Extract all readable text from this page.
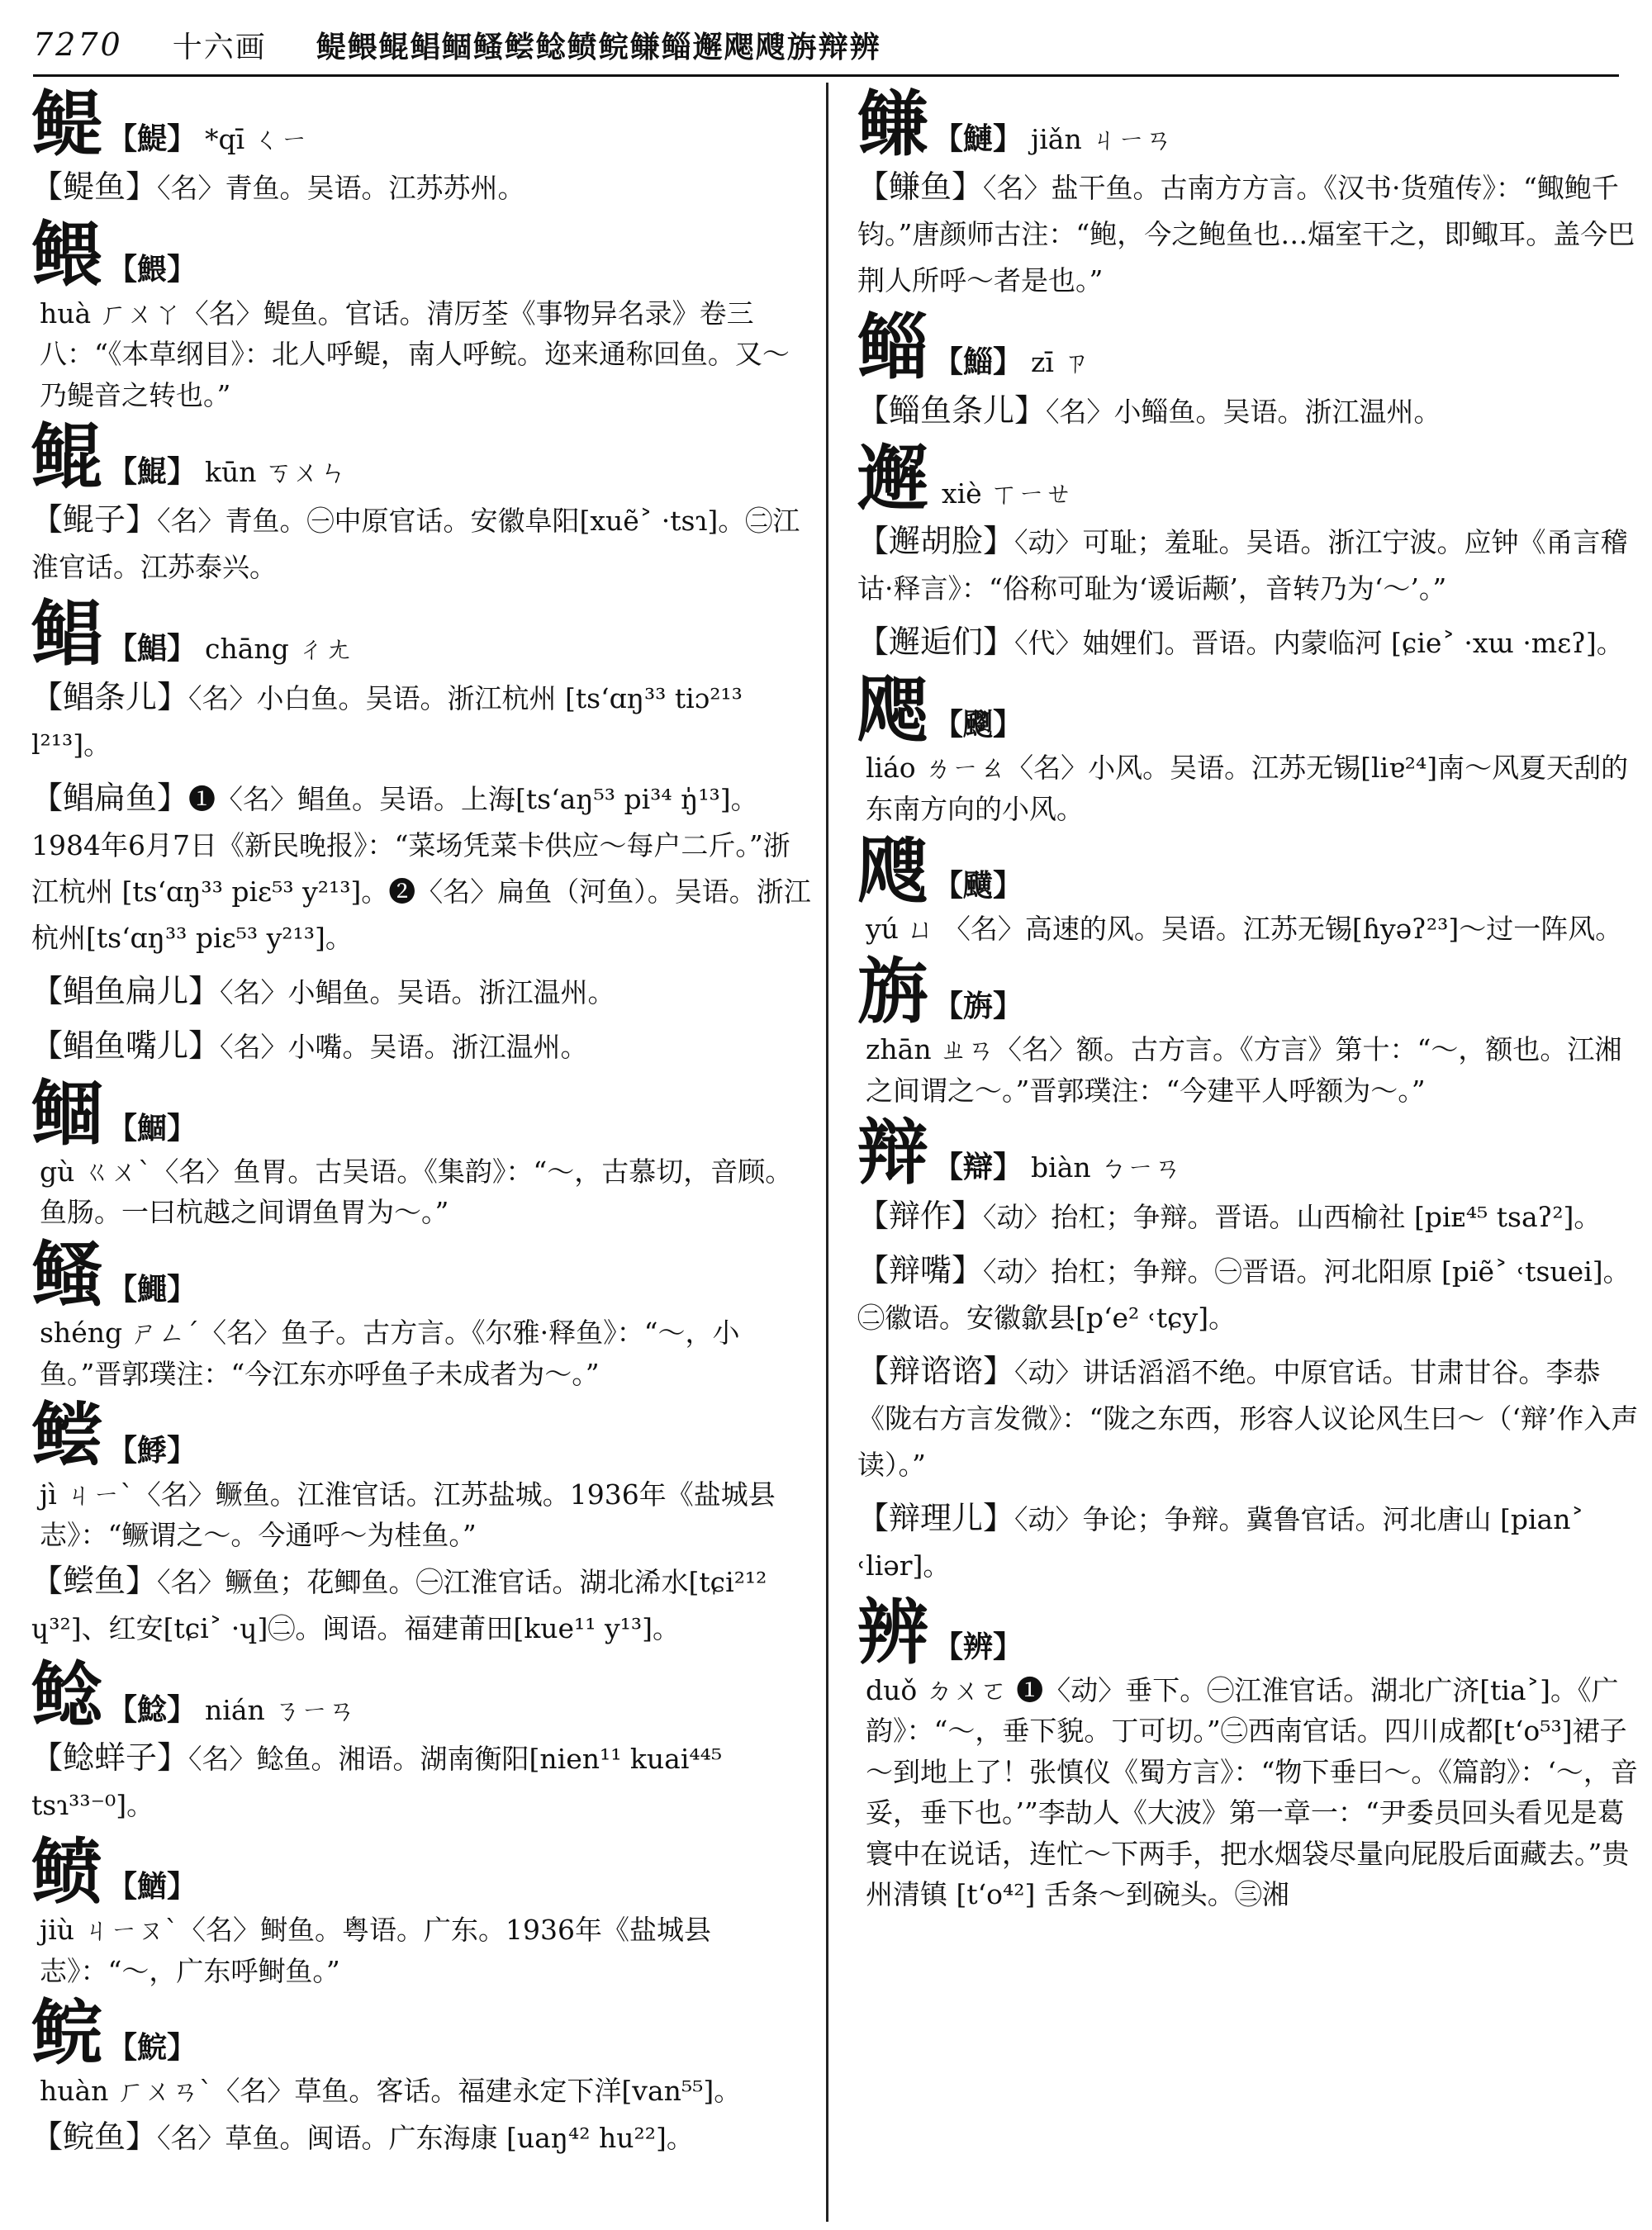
7270 十六画 鳀鳂鲲鲳鲴鳋鲿鲶鲼鲩鳒鲻邂飔飕旃辩辨
鳀 【鯷】 *qī ㄑㄧ
【鳀鱼】〈名〉青鱼。吴语。江苏苏州。
鳂 【鰃】
huà ㄏㄨㄚ〈名〉鳀鱼。官话。清厉荃《事物异名录》卷三八：“《本草纲目》：北人呼鳀，南人呼鲩。迩来通称回鱼。又～乃鳀音之转也。”
鲲 【鯤】 kūn ㄎㄨㄣ
【鲲子】〈名〉青鱼。㊀中原官话。安徽阜阳[xuẽ˃ ·tsɿ]。㊁江淮官话。江苏泰兴。
鲳 【鯧】 chāng ㄔㄤ
【鲳条儿】〈名〉小白鱼。吴语。浙江杭州 [ts‘ɑŋ³³ tiɔ²¹³ l²¹³]。
【鲳扁鱼】❶〈名〉鲳鱼。吴语。上海[ts‘aŋ⁵³ pi³⁴ ŋ̍¹³]。1984年6月7日《新民晚报》：“菜场凭菜卡供应～每户二斤。”浙江杭州 [ts‘ɑŋ³³ piɛ⁵³ y²¹³]。❷〈名〉扁鱼（河鱼）。吴语。浙江杭州[ts‘ɑŋ³³ piɛ⁵³ y²¹³]。
【鲳鱼扁儿】〈名〉小鲳鱼。吴语。浙江温州。
【鲳鱼嘴儿】〈名〉小嘴。吴语。浙江温州。
鲴 【鯝】
gù ㄍㄨˋ〈名〉鱼胃。古吴语。《集韵》：“～，古慕切，音顾。鱼肠。一曰杭越之间谓鱼胃为～。”
鳋 【鱦】
shéng ㄕㄥˊ〈名〉鱼子。古方言。《尔雅·释鱼》：“～，小鱼。”晋郭璞注：“今江东亦呼鱼子未成者为～。”
鲿 【鯚】
jì ㄐㄧˋ〈名〉鳜鱼。江淮官话。江苏盐城。1936年《盐城县志》：“鳜谓之～。今通呼～为桂鱼。”
【鲿鱼】〈名〉鳜鱼；花鲫鱼。㊀江淮官话。湖北浠水[tɕi²¹² ɥ³²]、红安[tɕi˃ ·ɥ]㊁。闽语。福建莆田[kue¹¹ y¹³]。
鲶 【鯰】 nián ㄋㄧㄢ
【鲶蛘子】〈名〉鲶鱼。湘语。湖南衡阳[nien¹¹ kuai⁴⁴⁵ tsɿ³³⁻⁰]。
鲼 【鰌】
jiù ㄐㄧㄡˋ〈名〉鲥鱼。粤语。广东。1936年《盐城县志》：“～，广东呼鲥鱼。”
鲩 【鯇】
huàn ㄏㄨㄢˋ〈名〉草鱼。客话。福建永定下洋[van⁵⁵]。
【鲩鱼】〈名〉草鱼。闽语。广东海康 [uaŋ⁴² hu²²]。
鳒 【鰱】 jiǎn ㄐㄧㄢ
【鳒鱼】〈名〉盐干鱼。古南方方言。《汉书·货殖传》：“鲰鲍千钧。”唐颜师古注：“鲍，今之鲍鱼也…煏室干之，即鲰耳。盖今巴荆人所呼～者是也。”
鲻 【鯔】 zī ㄗ
【鲻鱼条儿】〈名〉小鲻鱼。吴语。浙江温州。
邂 xiè ㄒㄧㄝ
【邂胡脸】〈动〉可耻；羞耻。吴语。浙江宁波。应钟《甬言稽诂·释言》：“俗称可耻为‘谖诟颟’，音转乃为‘～’。”
【邂逅们】〈代〉妯娌们。晋语。内蒙临河 [ɕie˃ ·xɯ ·mɛʔ]。
飔 【䬟】
liáo ㄌㄧㄠ〈名〉小风。吴语。江苏无锡[liɐ²⁴]南～风夏天刮的东南方向的小风。
飕 【䬝】
yú ㄩ 〈名〉高速的风。吴语。江苏无锡[ɦyəʔ²³]～过一阵风。
旃 【旃】
zhān ㄓㄢ〈名〉额。古方言。《方言》第十：“～，额也。江湘之间谓之～。”晋郭璞注：“今建平人呼额为～。”
辩 【辯】 biàn ㄅㄧㄢ
【辩作】〈动〉抬杠；争辩。晋语。山西榆社 [piᴇ⁴⁵ tsaʔ²]。
【辩嘴】〈动〉抬杠；争辩。㊀晋语。河北阳原 [piẽ˃ ˓tsuei]。㊁徽语。安徽歙县[p‘e² ˓tɕy]。
【辩谘谘】〈动〉讲话滔滔不绝。中原官话。甘肃甘谷。李恭《陇右方言发微》：“陇之东西，形容人议论风生曰～（‘辩’作入声读）。”
【辩理儿】〈动〉争论；争辩。冀鲁官话。河北唐山 [pian˃ ˓liər]。
辨 【辨】
duǒ ㄉㄨㄛ ❶〈动〉垂下。㊀江淮官话。湖北广济[tia˃]。《广韵》：“～，垂下貌。丁可切。”㊁西南官话。四川成都[t‘o⁵³]裙子～到地上了！张慎仪《蜀方言》：“物下垂曰～。《篇韵》：‘～，音妥，垂下也。’”李劼人《大波》第一章一：“尹委员回头看见是葛寰中在说话，连忙～下两手，把水烟袋尽量向屁股后面藏去。”贵州清镇 [t‘o⁴²] 舌条～到碗头。㊂湘
